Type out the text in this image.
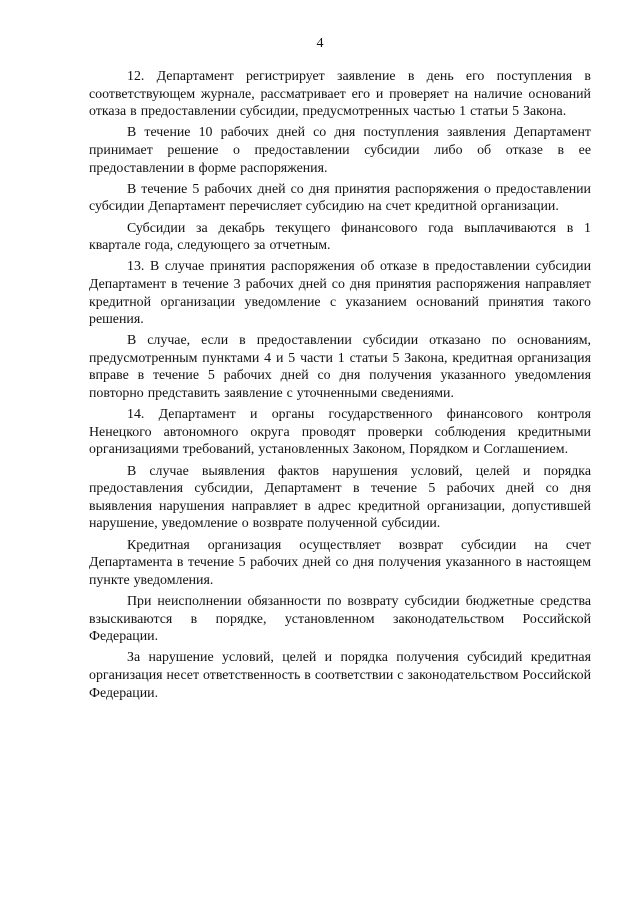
4

12. Департамент регистрирует заявление в день его поступления в соответствующем журнале, рассматривает его и проверяет на наличие оснований отказа в предоставлении субсидии, предусмотренных частью 1 статьи 5 Закона.

В течение 10 рабочих дней со дня поступления заявления Департамент принимает решение о предоставлении субсидии либо об отказе в ее предоставлении в форме распоряжения.

В течение 5 рабочих дней со дня принятия распоряжения о предоставлении субсидии Департамент перечисляет субсидию на счет кредитной организации.

Субсидии за декабрь текущего финансового года выплачиваются в 1 квартале года, следующего за отчетным.

13. В случае принятия распоряжения об отказе в предоставлении субсидии Департамент в течение 3 рабочих дней со дня принятия распоряжения направляет кредитной организации уведомление с указанием оснований принятия такого решения.

В случае, если в предоставлении субсидии отказано по основаниям, предусмотренным пунктами 4 и 5 части 1 статьи 5 Закона, кредитная организация вправе в течение 5 рабочих дней со дня получения указанного уведомления повторно представить заявление с уточненными сведениями.

14. Департамент и органы государственного финансового контроля Ненецкого автономного округа проводят проверки соблюдения кредитными организациями требований, установленных Законом, Порядком и Соглашением.

В случае выявления фактов нарушения условий, целей и порядка предоставления субсидии, Департамент в течение 5 рабочих дней со дня выявления нарушения направляет в адрес кредитной организации, допустившей нарушение, уведомление о возврате полученной субсидии.

Кредитная организация осуществляет возврат субсидии на счет Департамента в течение 5 рабочих дней со дня получения указанного в настоящем пункте уведомления.

При неисполнении обязанности по возврату субсидии бюджетные средства взыскиваются в порядке, установленном законодательством Российской Федерации.

За нарушение условий, целей и порядка получения субсидий кредитная организация несет ответственность в соответствии с законодательством Российской Федерации.
